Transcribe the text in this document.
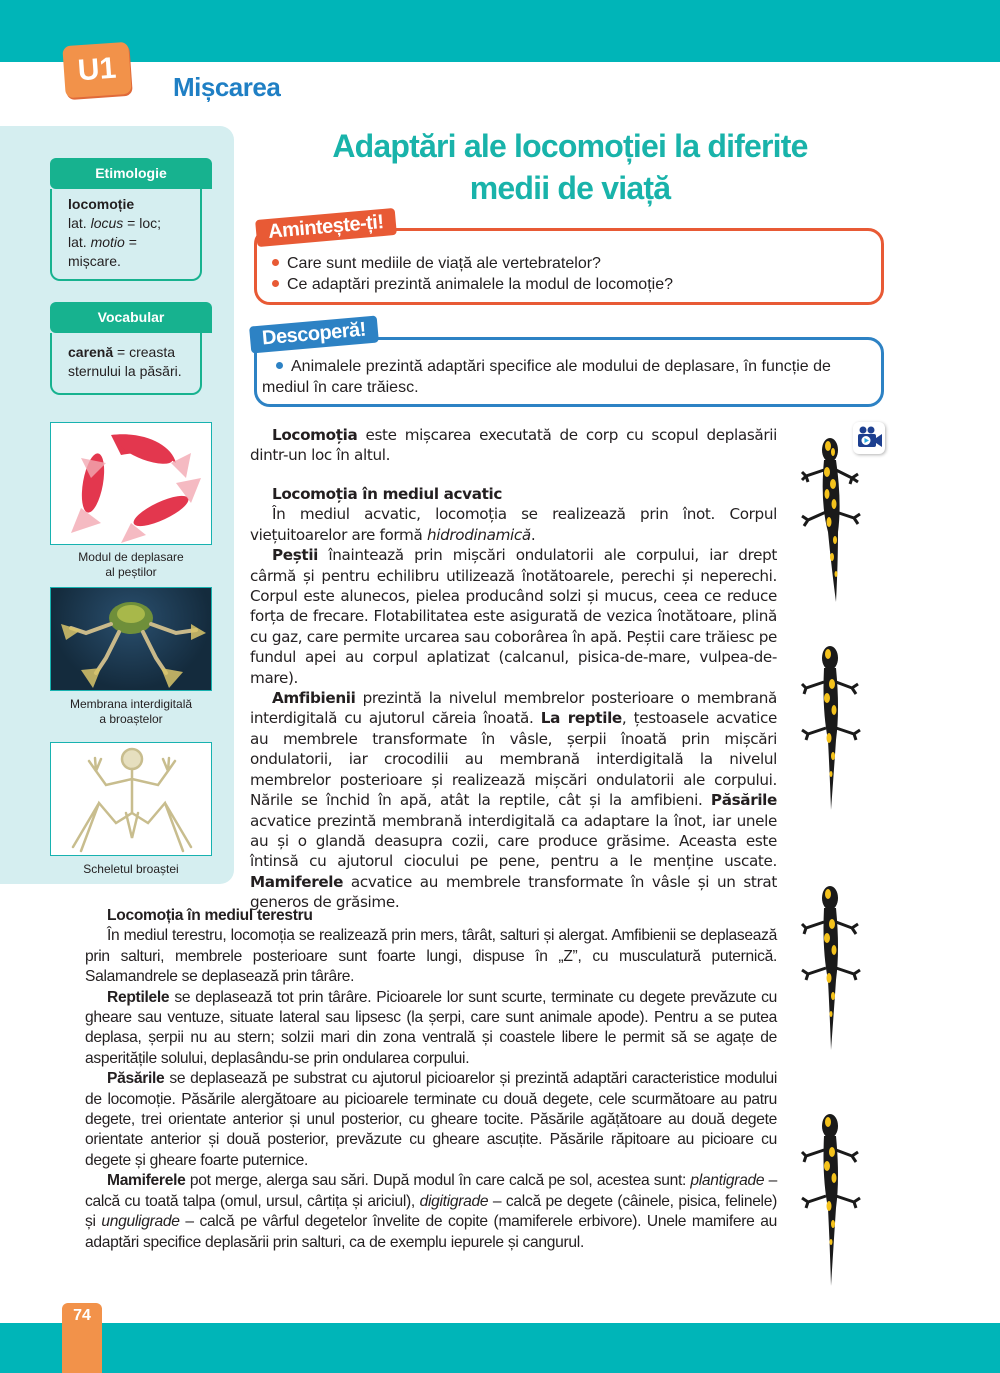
U1	Mișcarea
Etimologie
locomoție
lat. locus = loc;
lat. motio = mișcare.
Vocabular
carenă = creasta sternului la păsări.
Modul de deplasare
al peștilor
Membrana interdigitală
a broaștelor
Scheletul broaștei
Adaptări ale locomoției la diferite
medii de viață
Amintește-ți!
Care sunt mediile de viață ale vertebratelor?
Ce adaptări prezintă animalele la modul de locomoție?
Descoperă!
Animalele prezintă adaptări specifice ale modului de deplasare, în funcție de mediul în care trăiesc.
Locomoția este mișcarea executată de corp cu scopul deplasării dintr-un loc în altul.
Locomoția în mediul acvatic
În mediul acvatic, locomoția se realizează prin înot. Corpul viețuitoarelor are formă hidrodinamică.
Peștii înaintează prin mișcări ondulatorii ale corpului, iar drept cârmă și pentru echilibru utilizează înotătoarele, perechi și neperechi. Corpul este alunecos, pielea producând solzi și mucus, ceea ce reduce forța de frecare. Flotabilitatea este asigurată de vezica înotătoare, plină cu gaz, care permite urcarea sau coborârea în apă. Peștii care trăiesc pe fundul apei au corpul aplatizat (calcanul, pisica-de-mare, vulpea-de-mare).
Amfibienii prezintă la nivelul membrelor posterioare o membrană interdigitală cu ajutorul căreia înoată. La reptile, țestoasele acvatice au membrele transformate în vâsle, șerpii înoată prin mișcări ondulatorii, iar crocodilii au membrană interdigitală la nivelul membrelor posterioare și realizează mișcări ondulatorii ale corpului. Nările se închid în apă, atât la reptile, cât și la amfibieni. Păsările acvatice prezintă membrană interdigitală ca adaptare la înot, iar unele au și o glandă deasupra cozii, care produce grăsime. Aceasta este întinsă cu ajutorul ciocului pe pene, pentru a le menține uscate. Mamiferele acvatice au membrele transformate în vâsle și un strat generos de grăsime.
Locomoția în mediul terestru
În mediul terestru, locomoția se realizează prin mers, târât, salturi și alergat. Amfibienii se deplasează prin salturi, membrele posterioare sunt foarte lungi, dispuse în „Z”, cu musculatură puternică. Salamandrele se deplasează prin târâre.
Reptilele se deplasează tot prin târâre. Picioarele lor sunt scurte, terminate cu degete prevăzute cu gheare sau ventuze, situate lateral sau lipsesc (la șerpi, care sunt animale apode). Pentru a se putea deplasa, șerpii nu au stern; solzii mari din zona ventrală și coastele libere le permit să se agațe de asperitățile solului, deplasându-se prin ondularea corpului.
Păsările se deplasează pe substrat cu ajutorul picioarelor și prezintă adaptări caracteristice modului de locomoție. Păsările alergătoare au picioarele terminate cu două degete, cele scurmătoare au patru degete, trei orientate anterior și unul posterior, cu gheare tocite. Păsările agățătoare au două degete orientate anterior și două posterior, prevăzute cu gheare ascuțite. Păsările răpitoare au picioare cu degete și gheare foarte puternice.
Mamiferele pot merge, alerga sau sări. După modul în care calcă pe sol, acestea sunt: plantigrade – calcă cu toată talpa (omul, ursul, cârtița și ariciul), digitigrade – calcă pe degete (câinele, pisica, felinele) și unguligrade – calcă pe vârful degetelor învelite de copite (mamiferele erbivore). Unele mamifere au adaptări specifice deplasării prin salturi, ca de exemplu iepurele și cangurul.
74
